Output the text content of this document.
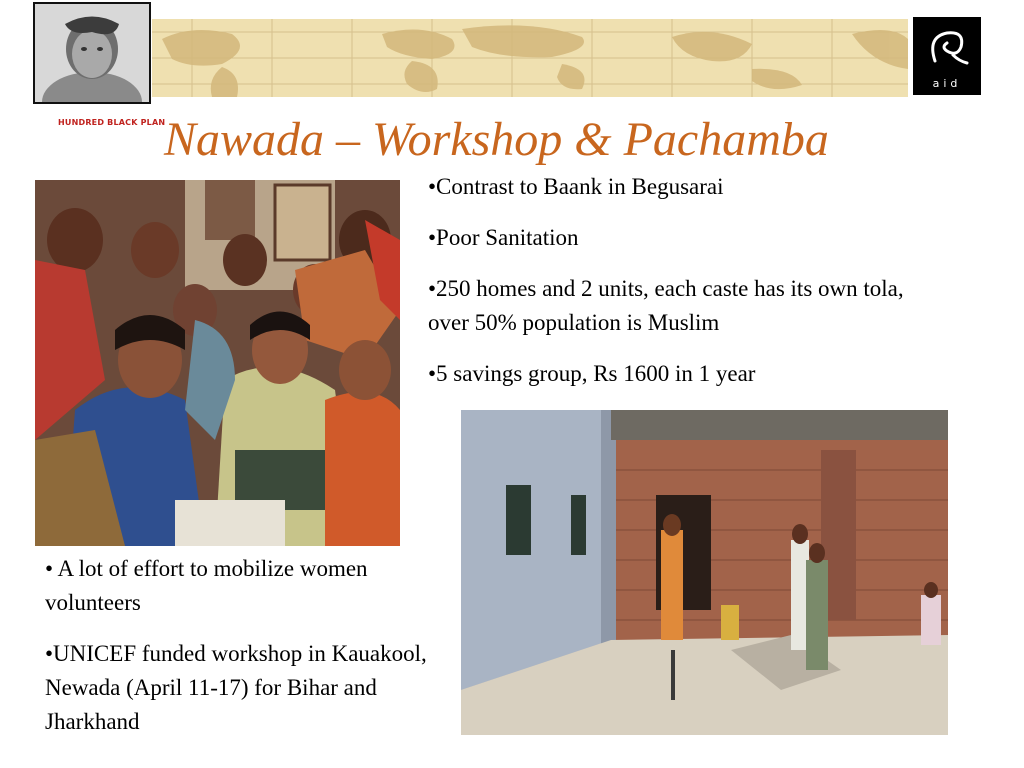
HUNDRED BLACK PLAN
aid
Nawada – Workshop & Pachamba

•Contrast to Baank in Begusarai

•Poor Sanitation

•250 homes and 2 units, each caste has its own tola, over 50% population is Muslim

•5 savings group, Rs 1600 in 1 year

• A lot of effort to mobilize women volunteers

•UNICEF funded workshop in Kauakool, Newada (April 11-17) for Bihar and Jharkhand
